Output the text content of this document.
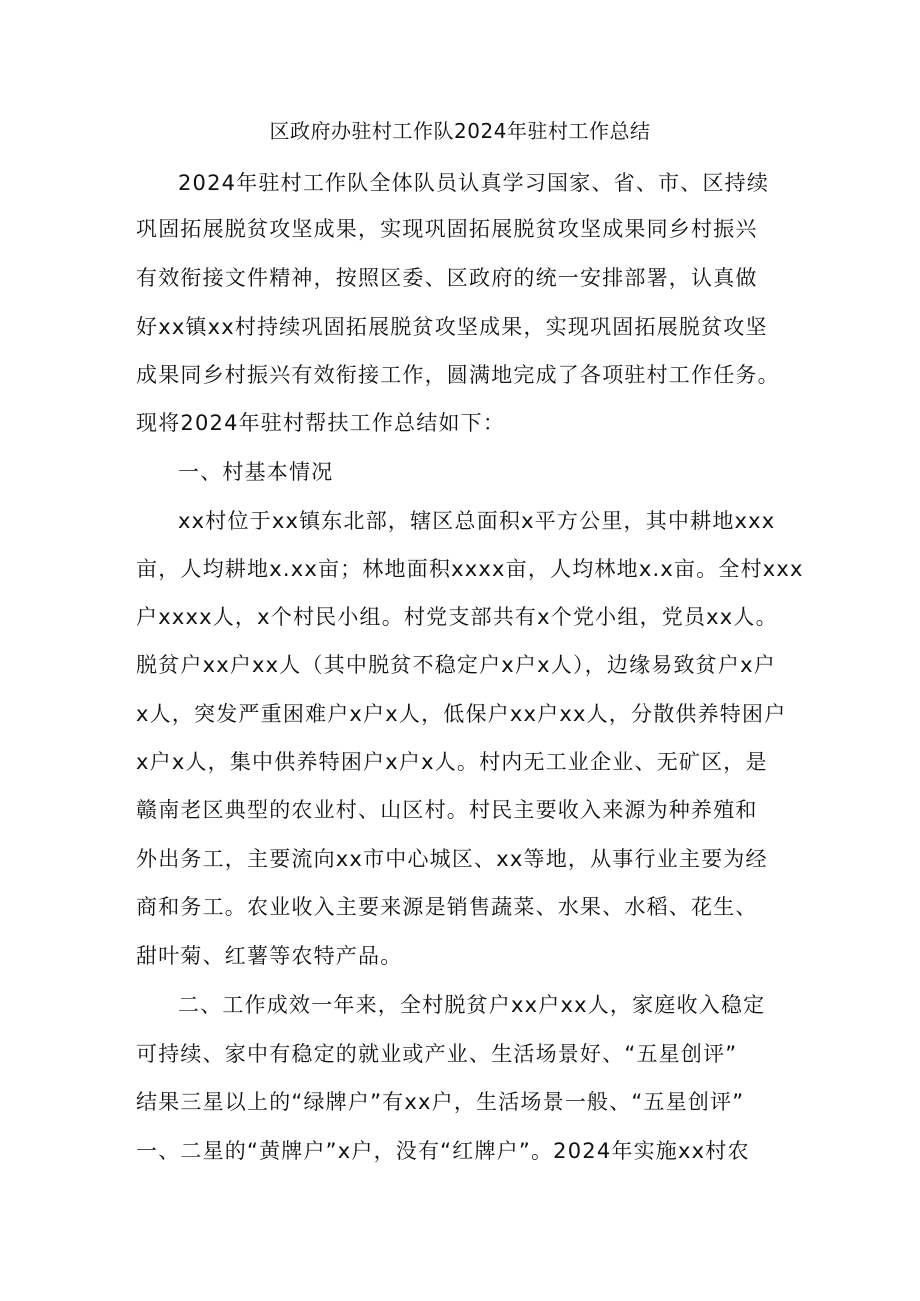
区政府办驻村工作队2024年驻村工作总结
2024年驻村工作队全体队员认真学习国家、省、市、区持续
巩固拓展脱贫攻坚成果，实现巩固拓展脱贫攻坚成果同乡村振兴
有效衔接文件精神，按照区委、区政府的统一安排部署，认真做
好xx镇xx村持续巩固拓展脱贫攻坚成果，实现巩固拓展脱贫攻坚
成果同乡村振兴有效衔接工作，圆满地完成了各项驻村工作任务。
现将2024年驻村帮扶工作总结如下：
一、村基本情况
xx村位于xx镇东北部，辖区总面积x平方公里，其中耕地xxx
亩，人均耕地x.xx亩；林地面积xxxx亩，人均林地x.x亩。全村xxx
户xxxx人，x个村民小组。村党支部共有x个党小组，党员xx人。
脱贫户xx户xx人（其中脱贫不稳定户x户x人），边缘易致贫户x户
x人，突发严重困难户x户x人，低保户xx户xx人，分散供养特困户
x户x人，集中供养特困户x户x人。村内无工业企业、无矿区，是
赣南老区典型的农业村、山区村。村民主要收入来源为种养殖和
外出务工，主要流向xx市中心城区、xx等地，从事行业主要为经
商和务工。农业收入主要来源是销售蔬菜、水果、水稻、花生、
甜叶菊、红薯等农特产品。
二、工作成效一年来，全村脱贫户xx户xx人，家庭收入稳定
可持续、家中有稳定的就业或产业、生活场景好、“五星创评”
结果三星以上的“绿牌户”有xx户，生活场景一般、“五星创评”
一、二星的“黄牌户”x户，没有“红牌户”。2024年实施xx村农
